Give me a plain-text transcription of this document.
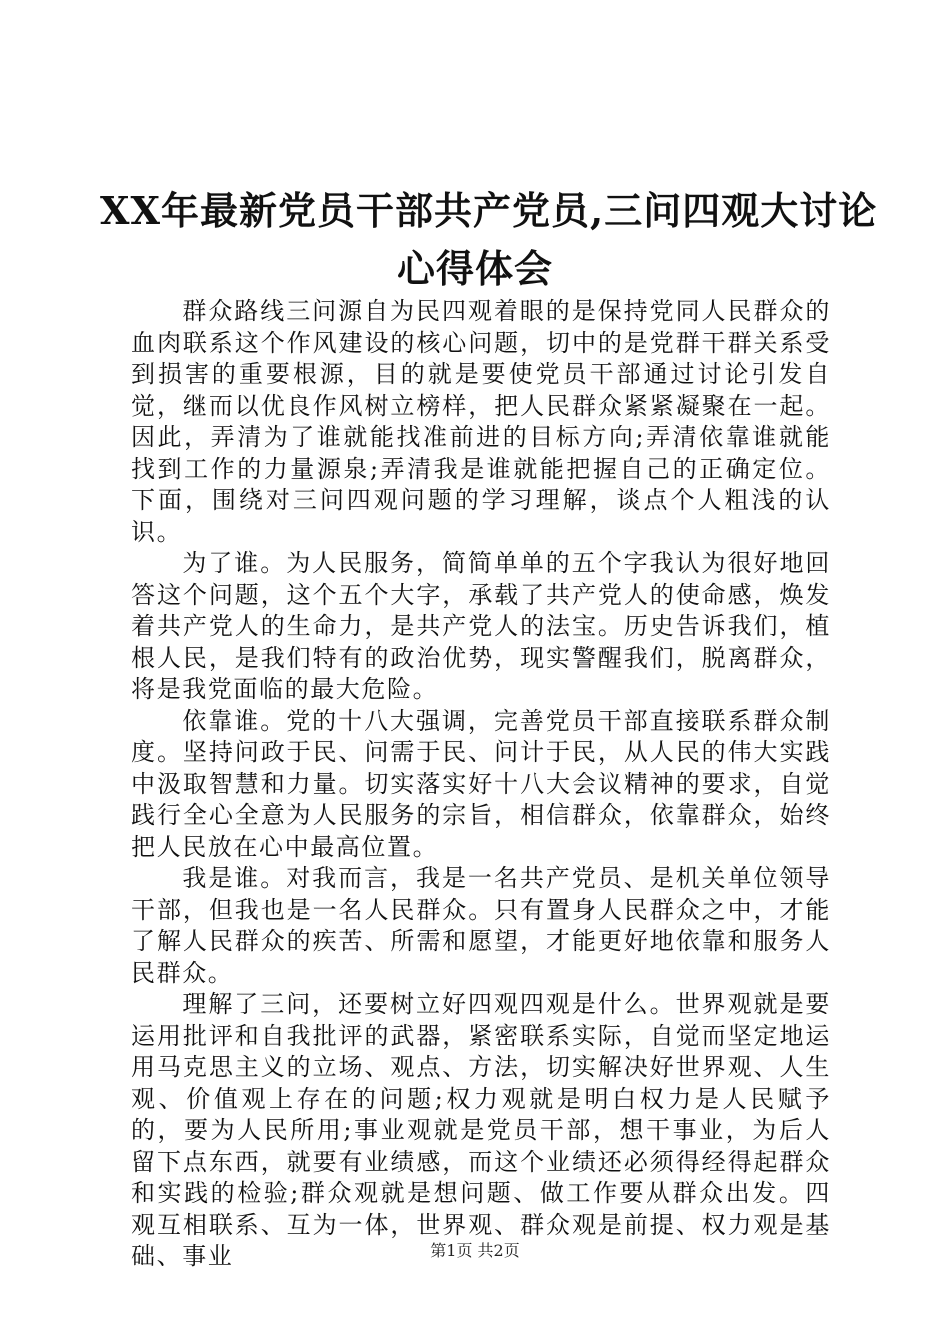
XX年最新党员干部共产党员,三问四观大讨论
心得体会

群众路线三问源自为民四观着眼的是保持党同人民群众的血肉联系这个作风建设的核心问题，切中的是党群干群关系受到损害的重要根源，目的就是要使党员干部通过讨论引发自觉，继而以优良作风树立榜样，把人民群众紧紧凝聚在一起。因此，弄清为了谁就能找准前进的目标方向;弄清依靠谁就能找到工作的力量源泉;弄清我是谁就能把握自己的正确定位。下面，围绕对三问四观问题的学习理解，谈点个人粗浅的认识。

为了谁。为人民服务，简简单单的五个字我认为很好地回答这个问题，这个五个大字，承载了共产党人的使命感，焕发着共产党人的生命力，是共产党人的法宝。历史告诉我们，植根人民，是我们特有的政治优势，现实警醒我们，脱离群众，将是我党面临的最大危险。

依靠谁。党的十八大强调，完善党员干部直接联系群众制度。坚持问政于民、问需于民、问计于民，从人民的伟大实践中汲取智慧和力量。切实落实好十八大会议精神的要求，自觉践行全心全意为人民服务的宗旨，相信群众，依靠群众，始终把人民放在心中最高位置。

我是谁。对我而言，我是一名共产党员、是机关单位领导干部，但我也是一名人民群众。只有置身人民群众之中，才能了解人民群众的疾苦、所需和愿望，才能更好地依靠和服务人民群众。

理解了三问，还要树立好四观四观是什么。世界观就是要运用批评和自我批评的武器，紧密联系实际，自觉而坚定地运用马克思主义的立场、观点、方法，切实解决好世界观、人生观、价值观上存在的问题;权力观就是明白权力是人民赋予的，要为人民所用;事业观就是党员干部，想干事业，为后人留下点东西，就要有业绩感，而这个业绩还必须得经得起群众和实践的检验;群众观就是想问题、做工作要从群众出发。四观互相联系、互为一体，世界观、群众观是前提、权力观是基础、事业	第1页 共2页
